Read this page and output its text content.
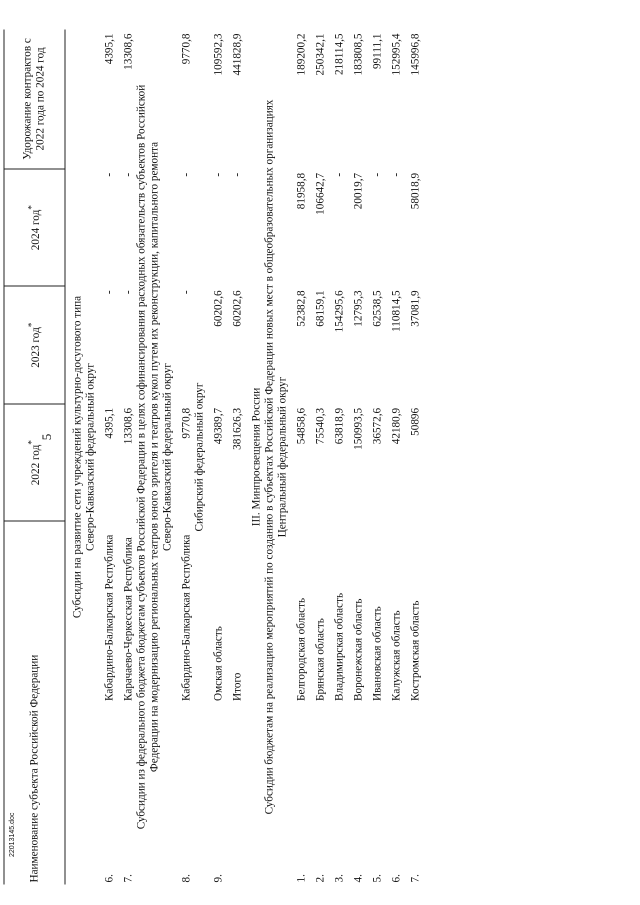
5
22013145.doc Наименование субъекта Российской Федерации		2022 год*	2023 год*	2024 год*	Удорожание контрактов с 2022 года по 2024 год

Субсидии на развитие сети учреждений культурно-досугового типа					
Северо-Кавказский федеральный округ					
6.	Кабардино-Балкарская Республика	4395,1	-	-	4395,1
7.	Карачаево-Черкесская Республика	13308,6	-	-	13308,6
Субсидии из федерального бюджета бюджетам субъектов Российской Федерации в целях софинансирования расходных обязательств субъектов Российской Федерации на модернизацию региональных театров юного зрителя и театров кукол путем их реконструкции, капитального ремонта					
Северо-Кавказский федеральный округ					
8.	Кабардино-Балкарская Республика	9770,8	-	-	9770,8
Сибирский федеральный округ					
9.	Омская область	49389,7	60202,6	-	109592,3
	Итого	381626,3	60202,6	-	441828,9

III. Минпросвещения России					
Субсидии бюджетам на реализацию мероприятий по созданию в субъектах Российской Федерации новых мест в общеобразовательных организациях					
Центральный федеральный округ					
1.	Белгородская область	54858,6	52382,8	81958,8	189200,2
2.	Брянская область	75540,3	68159,1	106642,7	250342,1
3.	Владимирская область	63818,9	154295,6	-	218114,5
4.	Воронежская область	150993,5	12795,3	20019,7	183808,5
5.	Ивановская область	36572,6	62538,5	-	99111,1
6.	Калужская область	42180,9	110814,5	-	152995,4
7.	Костромская область	50896	37081,9	58018,9	145996,8
